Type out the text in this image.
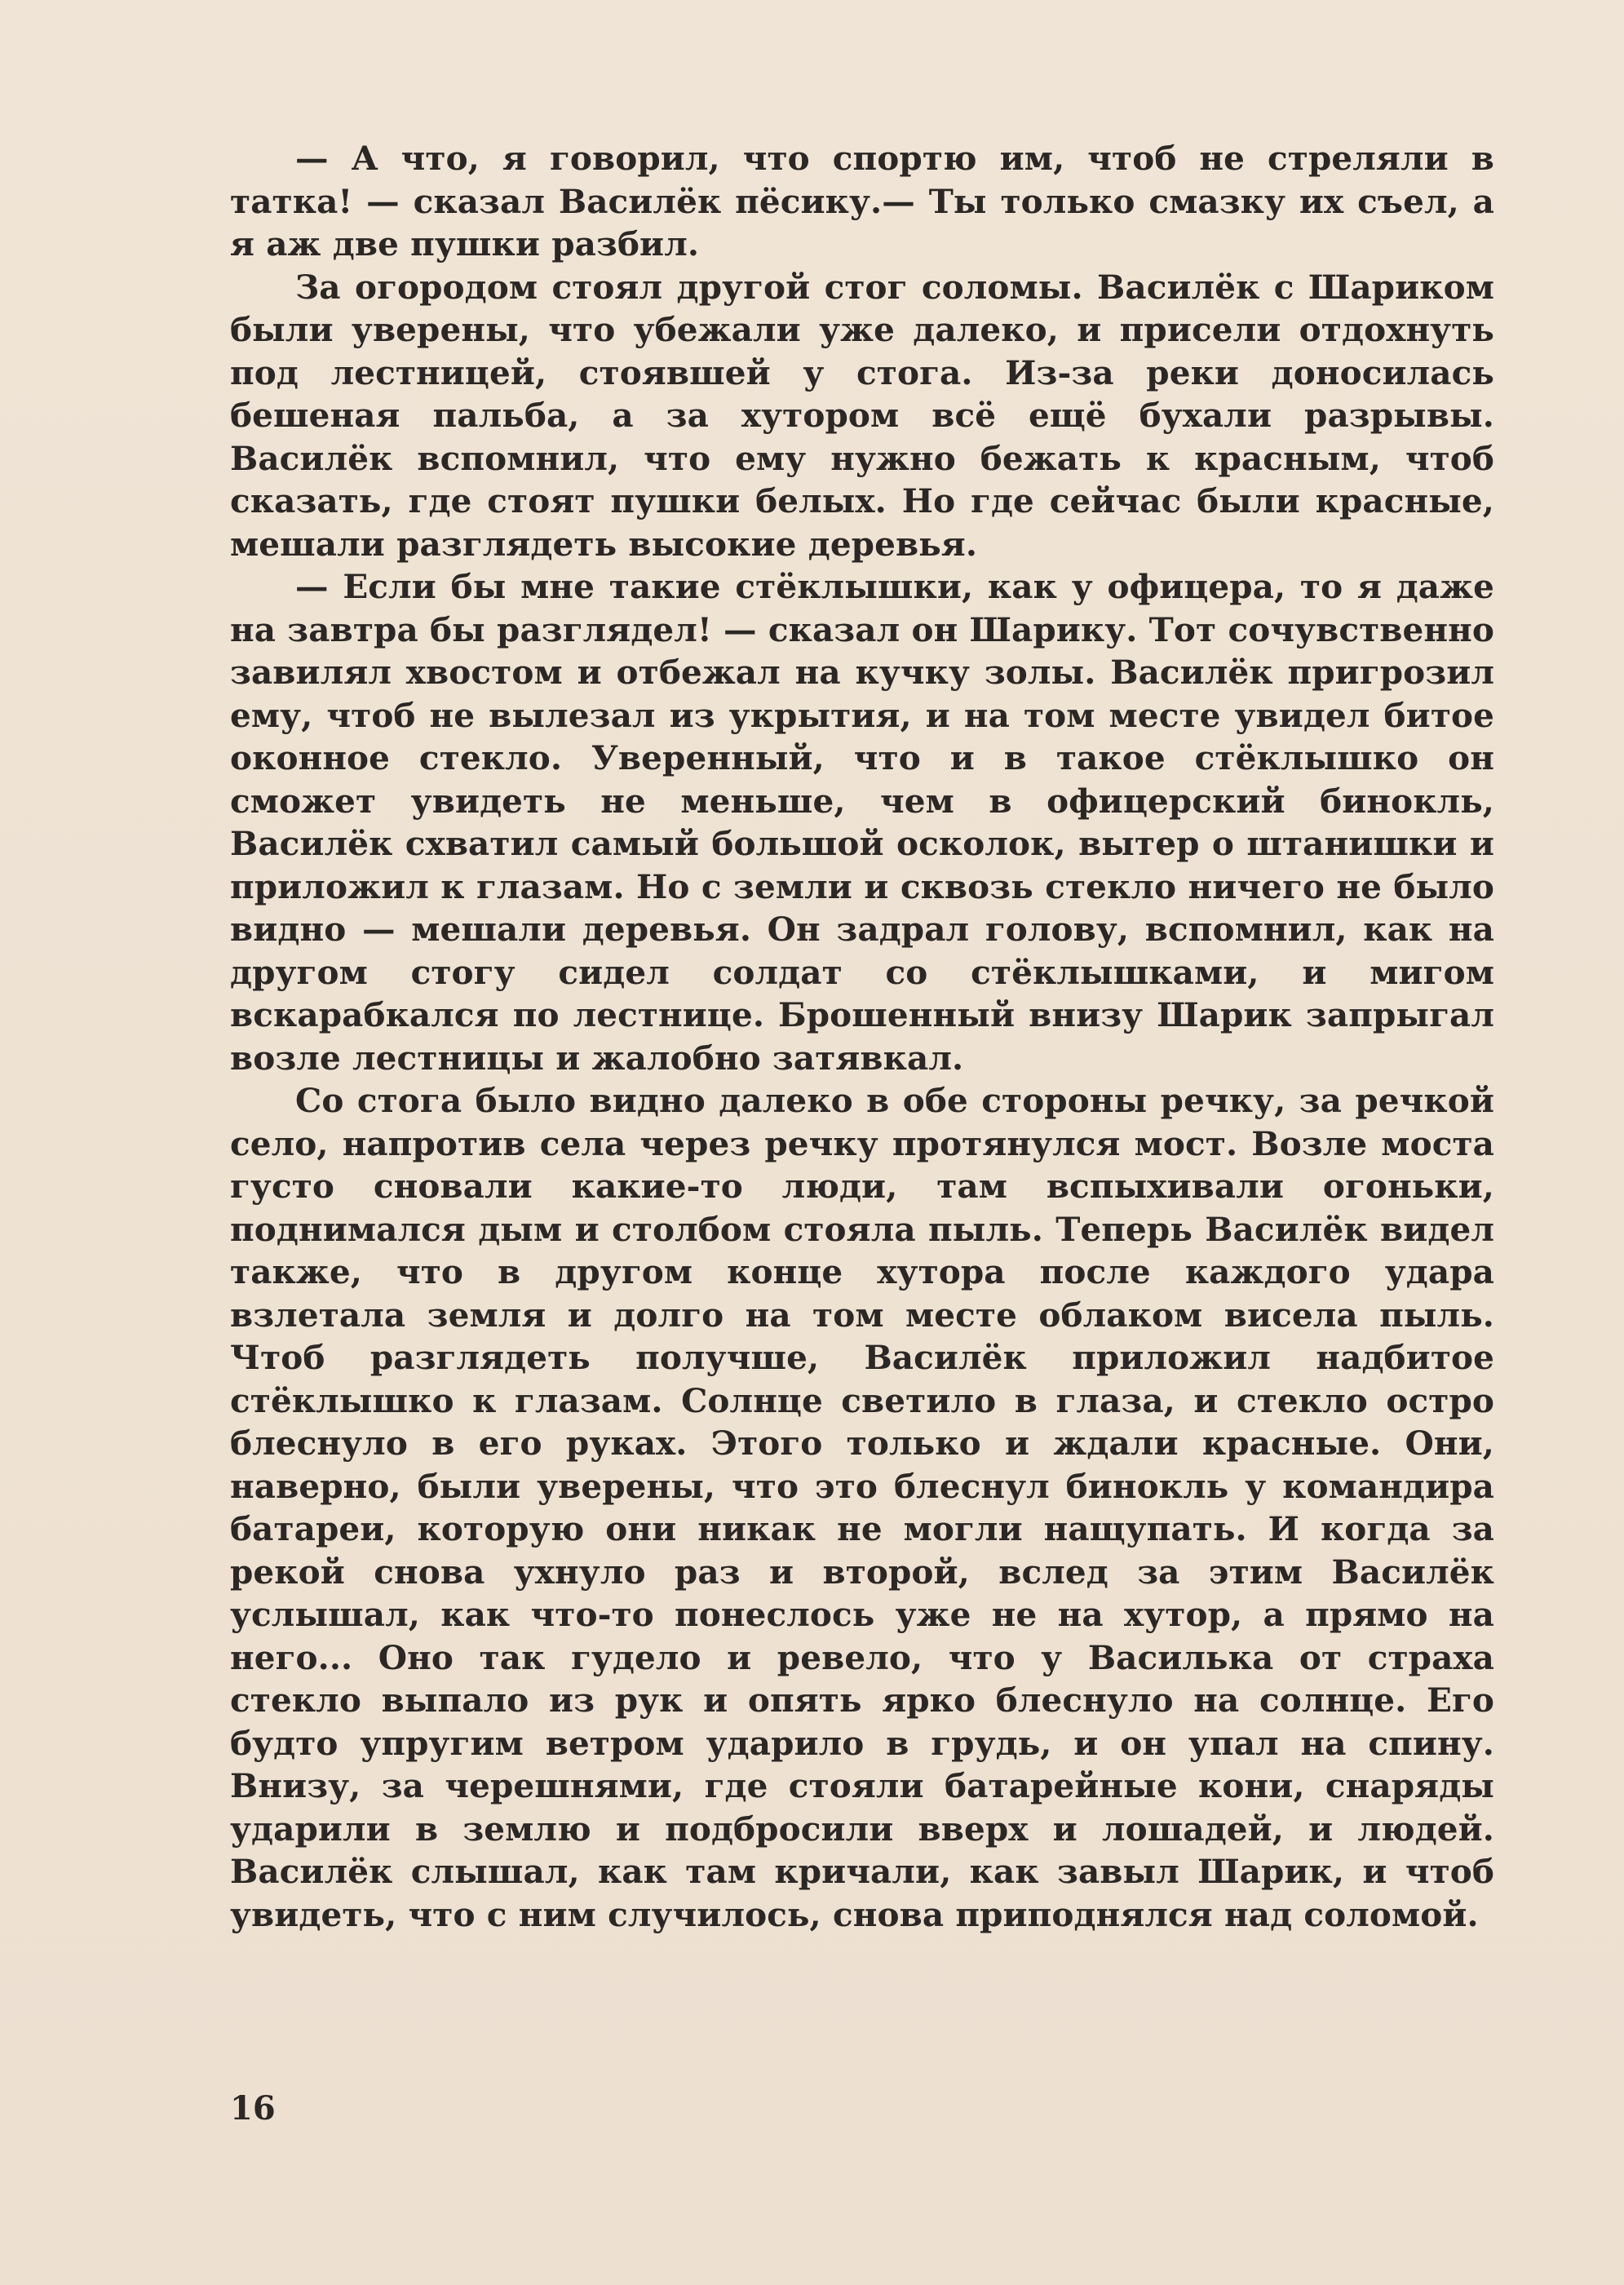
— А что, я говорил, что спортю им, чтоб не стреляли в татка! — сказал Василёк пёсику.— Ты только смазку их съел, а я аж две пушки разбил.

За огородом стоял другой стог соломы. Василёк с Шариком были уверены, что убежали уже далеко, и присели отдохнуть под лестницей, стоявшей у стога. Из-за реки доносилась бешеная пальба, а за хутором всё ещё бухали разрывы. Василёк вспомнил, что ему нужно бежать к красным, чтоб сказать, где стоят пушки белых. Но где сейчас были красные, мешали разглядеть высокие деревья.

— Если бы мне такие стёклышки, как у офицера, то я даже на завтра бы разглядел! — сказал он Шарику. Тот сочувственно завилял хвостом и отбежал на кучку золы. Василёк пригрозил ему, чтоб не вылезал из укрытия, и на том месте увидел битое оконное стекло. Уверенный, что и в такое стёклышко он сможет увидеть не меньше, чем в офицерский бинокль, Василёк схватил самый большой осколок, вытер о штанишки и приложил к глазам. Но с земли и сквозь стекло ничего не было видно — мешали деревья. Он задрал голову, вспомнил, как на другом стогу сидел солдат со стёклышками, и мигом вскарабкался по лестнице. Брошенный внизу Шарик запрыгал возле лестницы и жалобно затявкал.

Со стога было видно далеко в обе стороны речку, за речкой село, напротив села через речку протянулся мост. Возле моста густо сновали какие-то люди, там вспыхивали огоньки, поднимался дым и столбом стояла пыль. Теперь Василёк видел также, что в другом конце хутора после каждого удара взлетала земля и долго на том месте облаком висела пыль. Чтоб разглядеть получше, Василёк приложил надбитое стёклышко к глазам. Солнце светило в глаза, и стекло остро блеснуло в его руках. Этого только и ждали красные. Они, наверно, были уверены, что это блеснул бинокль у командира батареи, которую они никак не могли нащупать. И когда за рекой снова ухнуло раз и второй, вслед за этим Василёк услышал, как что-то понеслось уже не на хутор, а прямо на него... Оно так гудело и ревело, что у Василька от страха стекло выпало из рук и опять ярко блеснуло на солнце. Его будто упругим ветром ударило в грудь, и он упал на спину. Внизу, за черешнями, где стояли батарейные кони, снаряды ударили в землю и подбросили вверх и лошадей, и людей. Василёк слышал, как там кричали, как завыл Шарик, и чтоб увидеть, что с ним случилось, снова приподнялся над соломой.

16
